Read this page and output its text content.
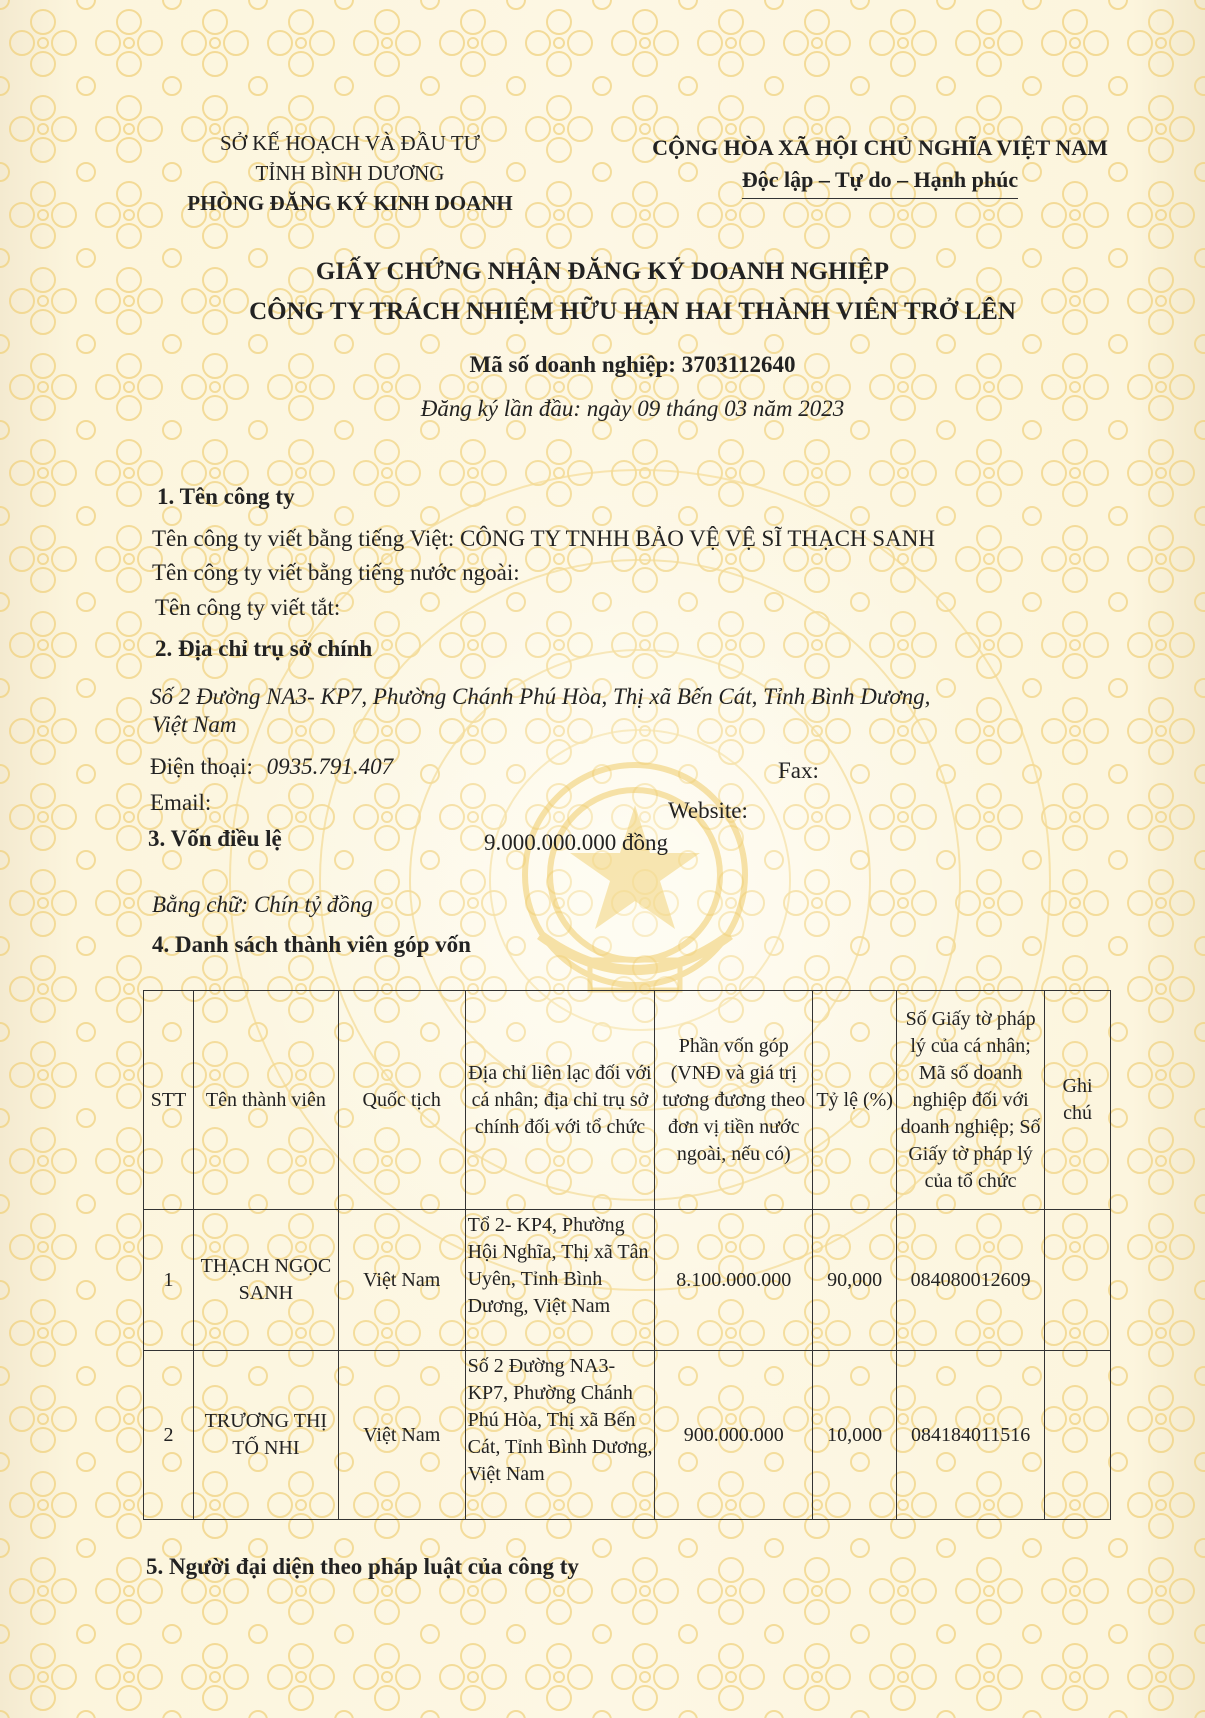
SỞ KẾ HOẠCH VÀ ĐẦU TƯ
TỈNH BÌNH DƯƠNG
PHÒNG ĐĂNG KÝ KINH DOANH
CỘNG HÒA XÃ HỘI CHỦ NGHĨA VIỆT NAM
Độc lập – Tự do – Hạnh phúc
GIẤY CHỨNG NHẬN ĐĂNG KÝ DOANH NGHIỆP
CÔNG TY TRÁCH NHIỆM HỮU HẠN HAI THÀNH VIÊN TRỞ LÊN
Mã số doanh nghiệp: 3703112640
Đăng ký lần đầu: ngày 09 tháng 03 năm 2023
1. Tên công ty
Tên công ty viết bằng tiếng Việt: CÔNG TY TNHH BẢO VỆ VỆ SĨ THẠCH SANH
Tên công ty viết bằng tiếng nước ngoài:
Tên công ty viết tắt:
2. Địa chỉ trụ sở chính
Số 2 Đường NA3- KP7, Phường Chánh Phú Hòa, Thị xã Bến Cát, Tỉnh Bình Dương,
Việt Nam
Điện thoại: 0935.791.407	Fax:
Email:	Website:
3. Vốn điều lệ	9.000.000.000 đồng
Bằng chữ: Chín tỷ đồng
4. Danh sách thành viên góp vốn
STT	Tên thành viên	Quốc tịch	Địa chỉ liên lạc đối với cá nhân; địa chỉ trụ sở chính đối với tổ chức	Phần vốn góp (VNĐ và giá trị tương đương theo đơn vị tiền nước ngoài, nếu có)	Tỷ lệ (%)	Số Giấy tờ pháp lý của cá nhân; Mã số doanh nghiệp đối với doanh nghiệp; Số Giấy tờ pháp lý của tổ chức	Ghi chú
1	THẠCH NGỌC SANH	Việt Nam	Tổ 2- KP4, Phường Hội Nghĩa, Thị xã Tân Uyên, Tỉnh Bình Dương, Việt Nam	8.100.000.000	90,000	084080012609	
2	TRƯƠNG THỊ TỐ NHI	Việt Nam	Số 2 Đường NA3- KP7, Phường Chánh Phú Hòa, Thị xã Bến Cát, Tỉnh Bình Dương, Việt Nam	900.000.000	10,000	084184011516	
5. Người đại diện theo pháp luật của công ty
